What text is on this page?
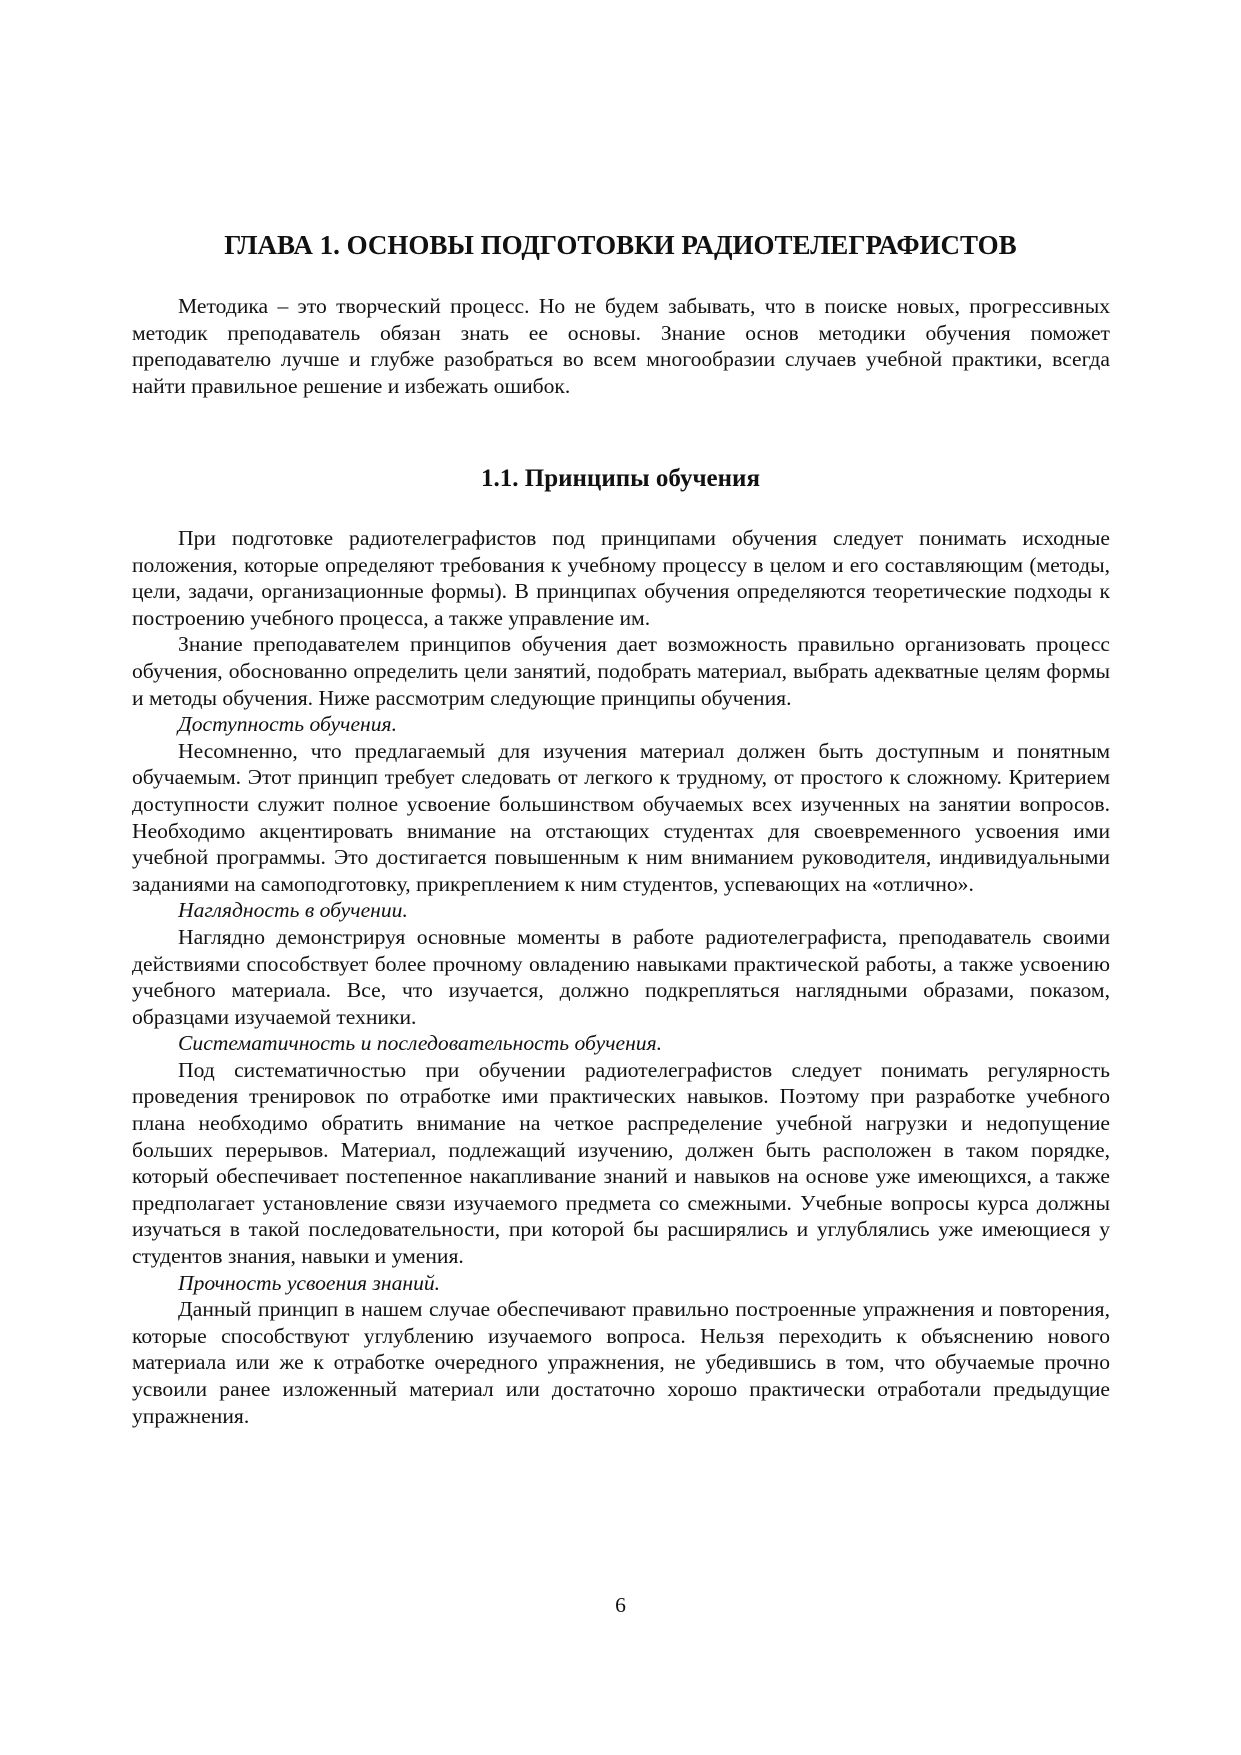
ГЛАВА 1. ОСНОВЫ ПОДГОТОВКИ РАДИОТЕЛЕГРАФИСТОВ

Методика – это творческий процесс. Но не будем забывать, что в поиске новых, прогрессивных методик преподаватель обязан знать ее основы. Знание основ методики обучения поможет преподавателю лучше и глубже разобраться во всем многообразии случаев учебной практики, всегда найти правильное решение и избежать ошибок.

1.1. Принципы обучения

При подготовке радиотелеграфистов под принципами обучения следует понимать исходные положения, которые определяют требования к учебному процессу в целом и его составляющим (методы, цели, задачи, организационные формы). В принципах обучения определяются теоретические подходы к построению учебного процесса, а также управление им.

Знание преподавателем принципов обучения дает возможность правильно организовать процесс обучения, обоснованно определить цели занятий, подобрать материал, выбрать адекватные целям формы и методы обучения. Ниже рассмотрим следующие принципы обучения.

Доступность обучения.

Несомненно, что предлагаемый для изучения материал должен быть доступным и понятным обучаемым. Этот принцип требует следовать от легкого к трудному, от простого к сложному. Критерием доступности служит полное усвоение большинством обучаемых всех изученных на занятии вопросов. Необходимо акцентировать внимание на отстающих студентах для своевременного усвоения ими учебной программы. Это достигается повышенным к ним вниманием руководителя, индивидуальными заданиями на самоподготовку, прикреплением к ним студентов, успевающих на «отлично».

Наглядность в обучении.

Наглядно демонстрируя основные моменты в работе радиотелеграфиста, преподаватель своими действиями способствует более прочному овладению навыками практической работы, а также усвоению учебного материала. Все, что изучается, должно подкрепляться наглядными образами, показом, образцами изучаемой техники.

Систематичность и последовательность обучения.

Под систематичностью при обучении радиотелеграфистов следует понимать регулярность проведения тренировок по отработке ими практических навыков. Поэтому при разработке учебного плана необходимо обратить внимание на четкое распределение учебной нагрузки и недопущение больших перерывов. Материал, подлежащий изучению, должен быть расположен в таком порядке, который обеспечивает постепенное накапливание знаний и навыков на основе уже имеющихся, а также предполагает установление связи изучаемого предмета со смежными. Учебные вопросы курса должны изучаться в такой последовательности, при которой бы расширялись и углублялись уже имеющиеся у студентов знания, навыки и умения.

Прочность усвоения знаний.

Данный принцип в нашем случае обеспечивают правильно построенные упражнения и повторения, которые способствуют углублению изучаемого вопроса. Нельзя переходить к объяснению нового материала или же к отработке очередного упражнения, не убедившись в том, что обучаемые прочно усвоили ранее изложенный материал или достаточно хорошо практически отработали предыдущие упражнения.

6
